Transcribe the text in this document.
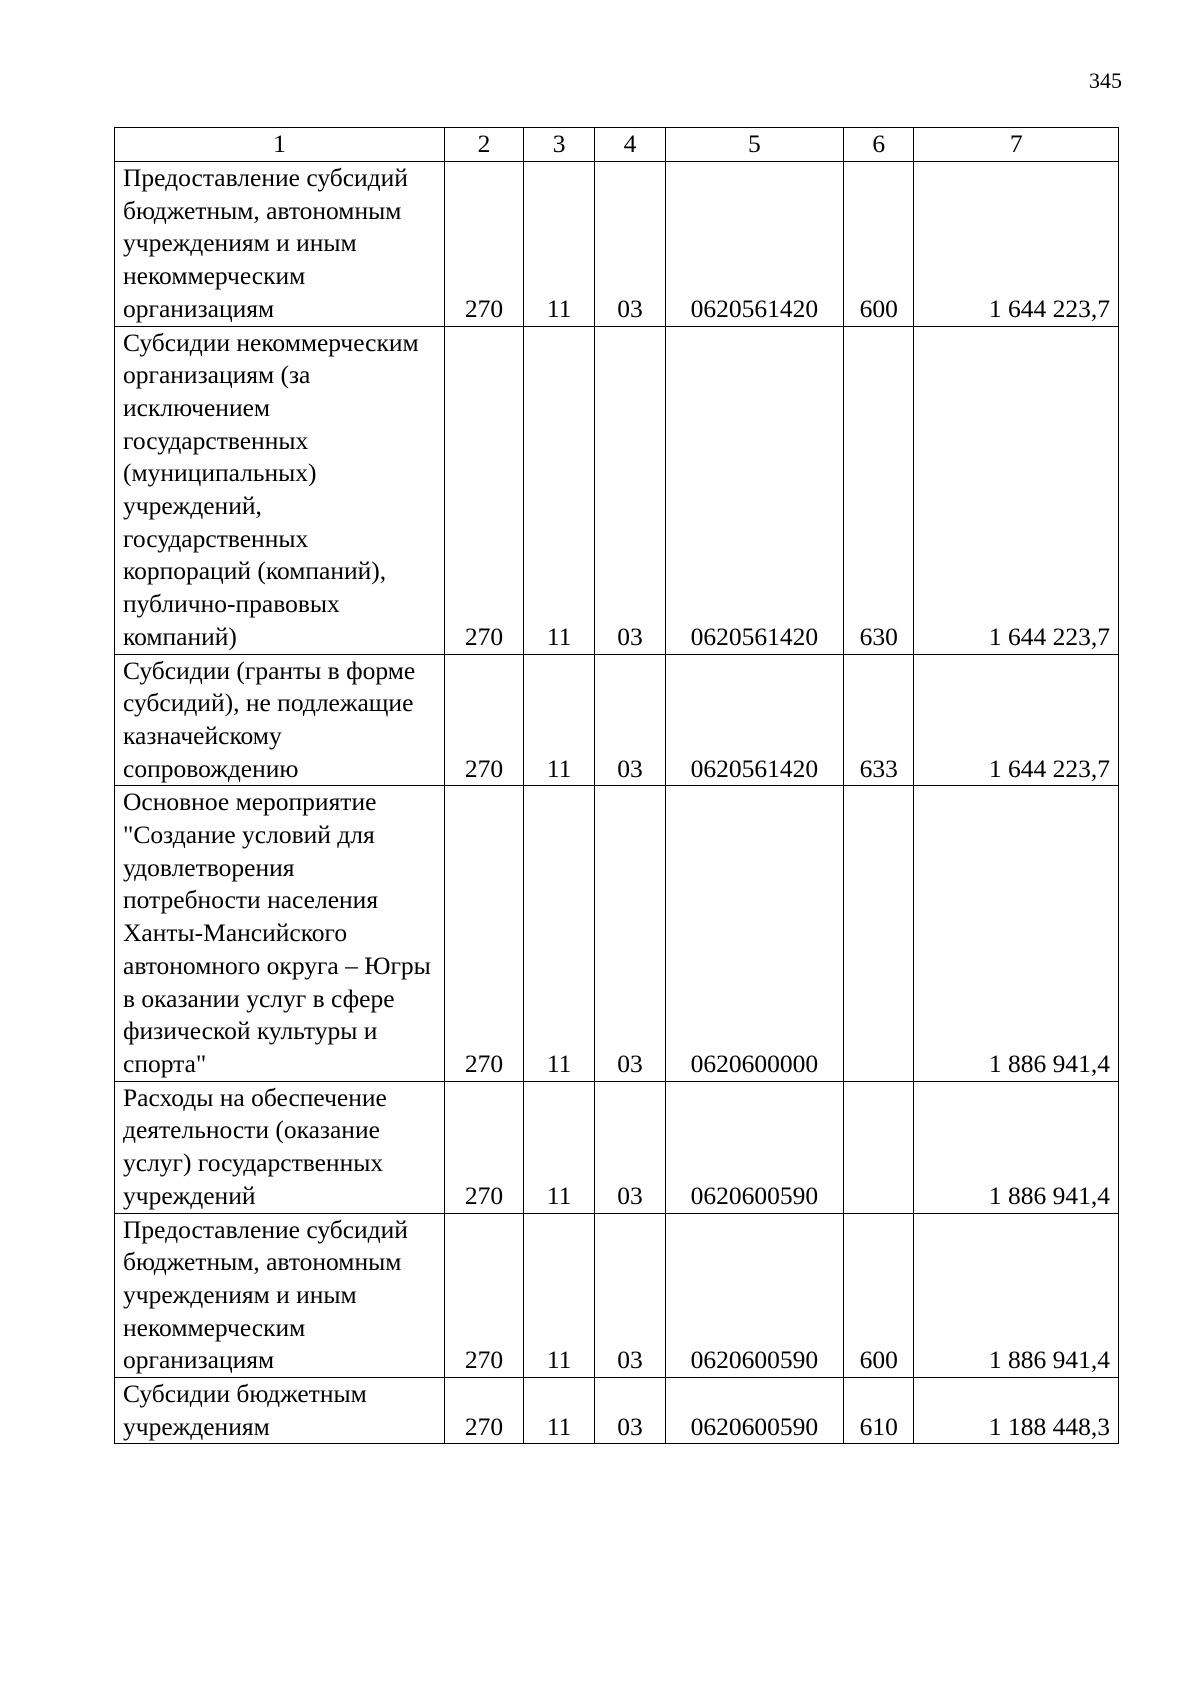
345
1	2	3	4	5	6	7
Предоставление субсидий бюджетным, автономным учреждениям и иным некоммерческим организациям	270	11	03	0620561420	600	1 644 223,7
Субсидии некоммерческим организациям (за исключением государственных (муниципальных) учреждений, государственных корпораций (компаний), публично-правовых компаний)	270	11	03	0620561420	630	1 644 223,7
Субсидии (гранты в форме субсидий), не подлежащие казначейскому сопровождению	270	11	03	0620561420	633	1 644 223,7
Основное мероприятие "Создание условий для удовлетворения потребности населения Ханты-Мансийского автономного округа – Югры в оказании услуг в сфере физической культуры и спорта"	270	11	03	0620600000		1 886 941,4
Расходы на обеспечение деятельности (оказание услуг) государственных учреждений	270	11	03	0620600590		1 886 941,4
Предоставление субсидий бюджетным, автономным учреждениям и иным некоммерческим организациям	270	11	03	0620600590	600	1 886 941,4
Субсидии бюджетным учреждениям	270	11	03	0620600590	610	1 188 448,3
